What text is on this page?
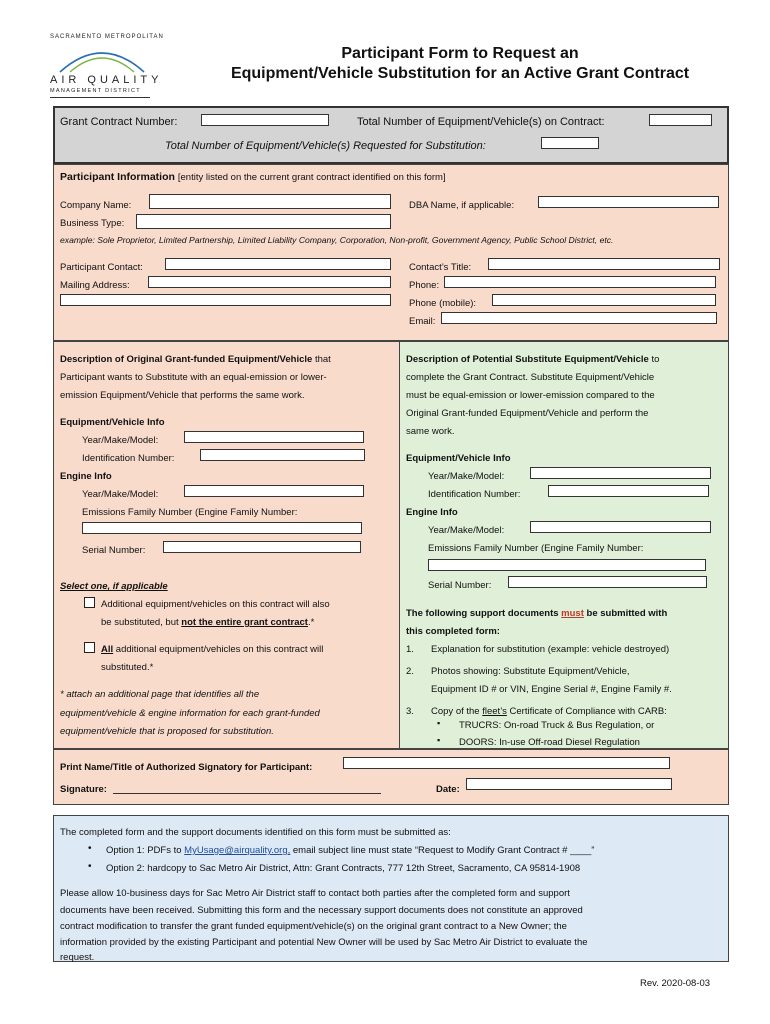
SACRAMENTO METROPOLITAN
AIR QUALITY
MANAGEMENT DISTRICT
Participant Form to Request an
Equipment/Vehicle Substitution for an Active Grant Contract
Grant Contract Number:	Total Number of Equipment/Vehicle(s) on Contract:
Total Number of Equipment/Vehicle(s) Requested for Substitution:
Participant Information [entity listed on the current grant contract identified on this form]
Company Name:	DBA Name, if applicable:
Business Type:
example: Sole Proprietor, Limited Partnership, Limited Liability Company, Corporation, Non-profit, Government Agency, Public School District, etc.
Participant Contact:	Contact’s Title:
Mailing Address:	Phone:
Phone (mobile):
Email:
Description of Original Grant-funded Equipment/Vehicle that
Participant wants to Substitute with an equal-emission or lower-
emission Equipment/Vehicle that performs the same work.
Equipment/Vehicle Info
Year/Make/Model:
Identification Number:
Engine Info
Year/Make/Model:
Emissions Family Number (Engine Family Number:
Serial Number:
Select one, if applicable
Additional equipment/vehicles on this contract will also
be substituted, but not the entire grant contract.*
All additional equipment/vehicles on this contract will
substituted.*
* attach an additional page that identifies all the
equipment/vehicle & engine information for each grant-funded
equipment/vehicle that is proposed for substitution.
Description of Potential Substitute Equipment/Vehicle to
complete the Grant Contract. Substitute Equipment/Vehicle
must be equal-emission or lower-emission compared to the
Original Grant-funded Equipment/Vehicle and perform the
same work.
Equipment/Vehicle Info
Year/Make/Model:
Identification Number:
Engine Info
Year/Make/Model:
Emissions Family Number (Engine Family Number:
Serial Number:
The following support documents must be submitted with
this completed form:
1. Explanation for substitution (example: vehicle destroyed)
2. Photos showing: Substitute Equipment/Vehicle,
Equipment ID # or VIN, Engine Serial #, Engine Family #.
3. Copy of the fleet’s Certificate of Compliance with CARB:
▪ TRUCRS: On-road Truck & Bus Regulation, or
▪ DOORS: In-use Off-road Diesel Regulation
Print Name/Title of Authorized Signatory for Participant:
Signature:	Date:
The completed form and the support documents identified on this form must be submitted as:
• Option 1: PDFs to MyUsage@airquality.org, email subject line must state “Request to Modify Grant Contract # ____”
• Option 2: hardcopy to Sac Metro Air District, Attn: Grant Contracts, 777 12th Street, Sacramento, CA 95814-1908
Please allow 10-business days for Sac Metro Air District staff to contact both parties after the completed form and support
documents have been received. Submitting this form and the necessary support documents does not constitute an approved
contract modification to transfer the grant funded equipment/vehicle(s) on the original grant contract to a New Owner; the
information provided by the existing Participant and potential New Owner will be used by Sac Metro Air District to evaluate the
request.
Rev. 2020-08-03
